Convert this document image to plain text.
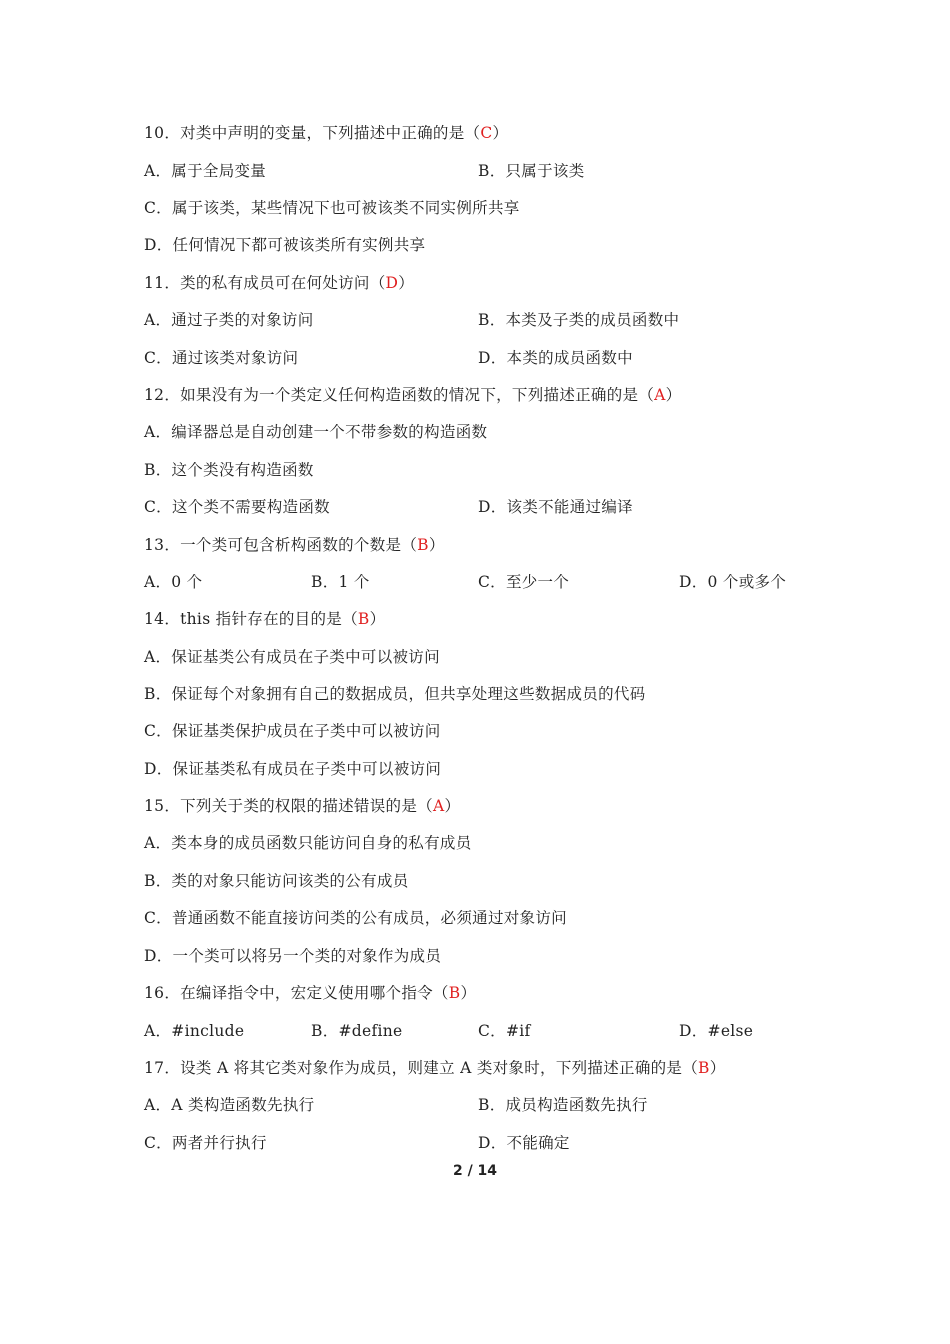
10．对类中声明的变量，下列描述中正确的是（C）
A．属于全局变量	B．只属于该类
C．属于该类，某些情况下也可被该类不同实例所共享
D．任何情况下都可被该类所有实例共享
11．类的私有成员可在何处访问（D）
A．通过子类的对象访问	B．本类及子类的成员函数中
C．通过该类对象访问	D．本类的成员函数中
12．如果没有为一个类定义任何构造函数的情况下，下列描述正确的是（A）
A．编译器总是自动创建一个不带参数的构造函数
B．这个类没有构造函数
C．这个类不需要构造函数	D．该类不能通过编译
13．一个类可包含析构函数的个数是（B）
A．0 个	B．1 个	C．至少一个	D．0 个或多个
14．this 指针存在的目的是（B）
A．保证基类公有成员在子类中可以被访问
B．保证每个对象拥有自己的数据成员，但共享处理这些数据成员的代码
C．保证基类保护成员在子类中可以被访问
D．保证基类私有成员在子类中可以被访问
15．下列关于类的权限的描述错误的是（A）
A．类本身的成员函数只能访问自身的私有成员
B．类的对象只能访问该类的公有成员
C．普通函数不能直接访问类的公有成员，必须通过对象访问
D．一个类可以将另一个类的对象作为成员
16．在编译指令中，宏定义使用哪个指令（B）
A．#include	B．#define	C．#if	D．#else
17．设类 A 将其它类对象作为成员，则建立 A 类对象时，下列描述正确的是（B）
A．A 类构造函数先执行	B．成员构造函数先执行
C．两者并行执行	D．不能确定
2 / 14
